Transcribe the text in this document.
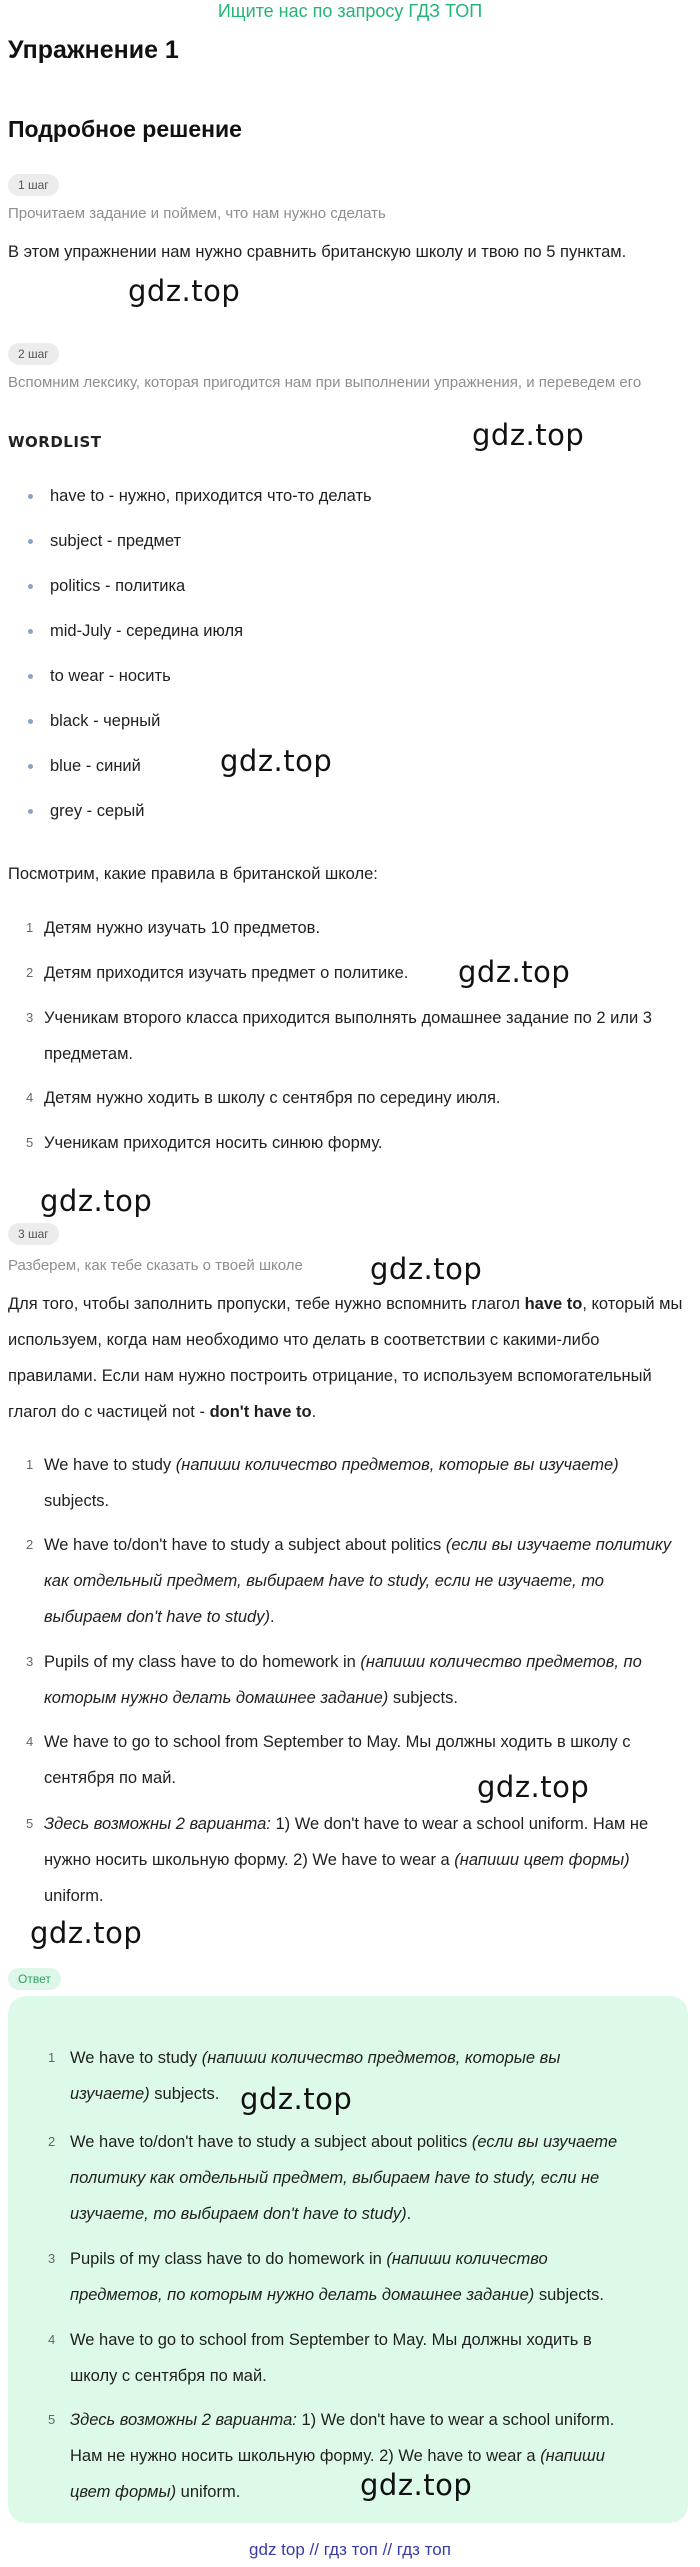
Ищите нас по запросу ГДЗ ТОП
Упражнение 1
Подробное решение
1 шаг
Прочитаем задание и поймем, что нам нужно сделать
В этом упражнении нам нужно сравнить британскую школу и твою по 5 пунктам.
gdz.top
2 шаг
Вспомним лексику, которая пригодится нам при выполнении упражнения, и переведем его
WORDLIST	gdz.top
have to - нужно, приходится что-то делать
subject - предмет
politics - политика
mid-July - середина июля
to wear - носить
black - черный
blue - синий
grey - серый
gdz.top
Посмотрим, какие правила в британской школе:
1 Детям нужно изучать 10 предметов.
2 Детям приходится изучать предмет о политике.	gdz.top
3 Ученикам второго класса приходится выполнять домашнее задание по 2 или 3 предметам.
4 Детям нужно ходить в школу с сентября по середину июля.
5 Ученикам приходится носить синюю форму.
gdz.top
3 шаг
Разберем, как тебе сказать о твоей школе gdz.top
Для того, чтобы заполнить пропуски, тебе нужно вспомнить глагол have to, который мы используем, когда нам необходимо что делать в соответствии с какими-либо правилами. Если нам нужно построить отрицание, то используем вспомогательный глагол do с частицей not - don't have to.
1 We have to study (напиши количество предметов, которые вы изучаете) subjects.
2 We have to/don't have to study a subject about politics (если вы изучаете политику как отдельный предмет, выбираем have to study, если не изучаете, то выбираем don't have to study).
3 Pupils of my class have to do homework in (напиши количество предметов, по которым нужно делать домашнее задание) subjects.
4 We have to go to school from September to May. Мы должны ходить в школу с сентября по май.	gdz.top
5 Здесь возможны 2 варианта: 1) We don't have to wear a school uniform. Нам не нужно носить школьную форму. 2) We have to wear a (напиши цвет формы) uniform.
gdz.top
Ответ
1 We have to study (напиши количество предметов, которые вы изучаете) subjects. gdz.top
2 We have to/don't have to study a subject about politics (если вы изучаете политику как отдельный предмет, выбираем have to study, если не изучаете, то выбираем don't have to study).
3 Pupils of my class have to do homework in (напиши количество предметов, по которым нужно делать домашнее задание) subjects.
4 We have to go to school from September to May. Мы должны ходить в школу с сентября по май.
5 Здесь возможны 2 варианта: 1) We don't have to wear a school uniform. Нам не нужно носить школьную форму. 2) We have to wear a (напиши цвет формы) uniform.	gdz.top
gdz top // гдз топ // гдз топ
